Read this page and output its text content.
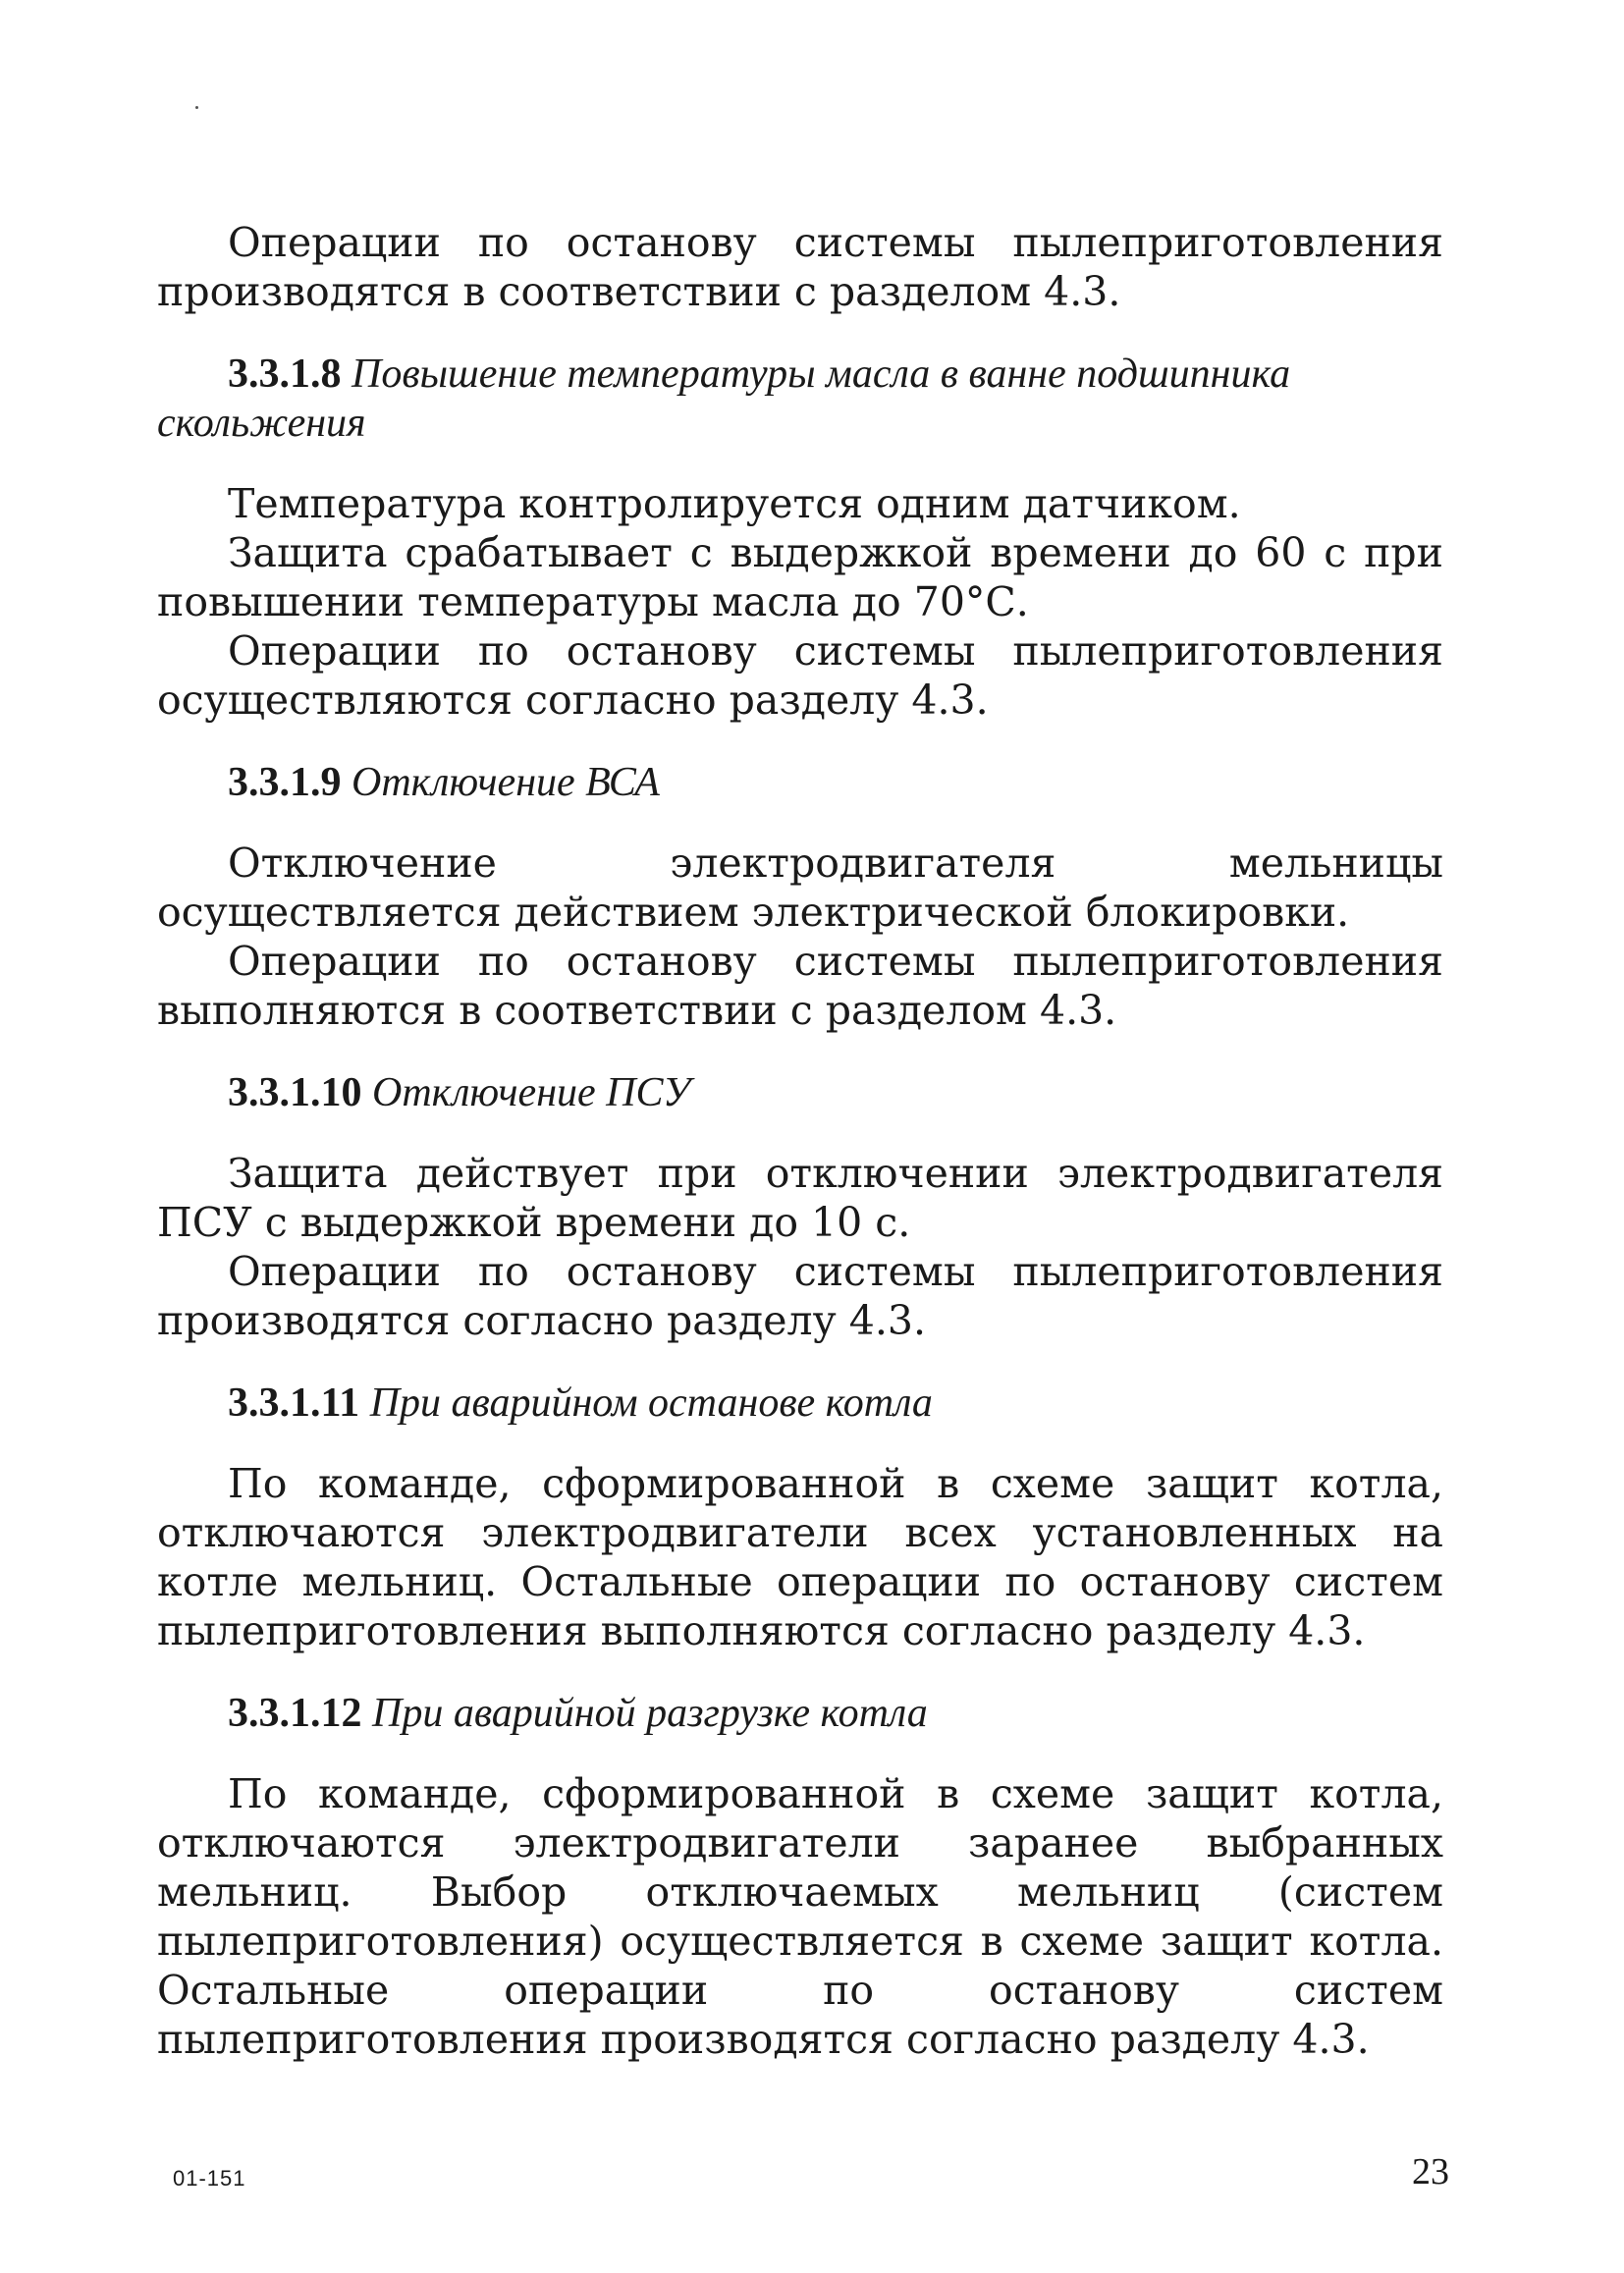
Операции по останову системы пылеприготовления производятся в соответствии с разделом 4.3.

3.3.1.8 Повышение температуры масла в ванне подшипника скольжения

Температура контролируется одним датчиком.

Защита срабатывает с выдержкой времени до 60 с при повышении температуры масла до 70°С.

Операции по останову системы пылеприготовления осуществляются согласно разделу 4.3.

3.3.1.9 Отключение ВСА

Отключение электродвигателя мельницы осуществляется действием электрической блокировки.

Операции по останову системы пылеприготовления выполняются в соответствии с разделом 4.3.

3.3.1.10 Отключение ПСУ

Защита действует при отключении электродвигателя ПСУ с выдержкой времени до 10 с.

Операции по останову системы пылеприготовления производятся согласно разделу 4.3.

3.3.1.11 При аварийном останове котла

По команде, сформированной в схеме защит котла, отключаются электродвигатели всех установленных на котле мельниц. Остальные операции по останову систем пылеприготовления выполняются согласно разделу 4.3.

3.3.1.12 При аварийной разгрузке котла

По команде, сформированной в схеме защит котла, отключаются электродвигатели заранее выбранных мельниц. Выбор отключаемых мельниц (систем пылеприготовления) осуществляется в схеме защит котла. Остальные операции по останову систем пылеприготовления производятся согласно разделу 4.3.

01-151	23
